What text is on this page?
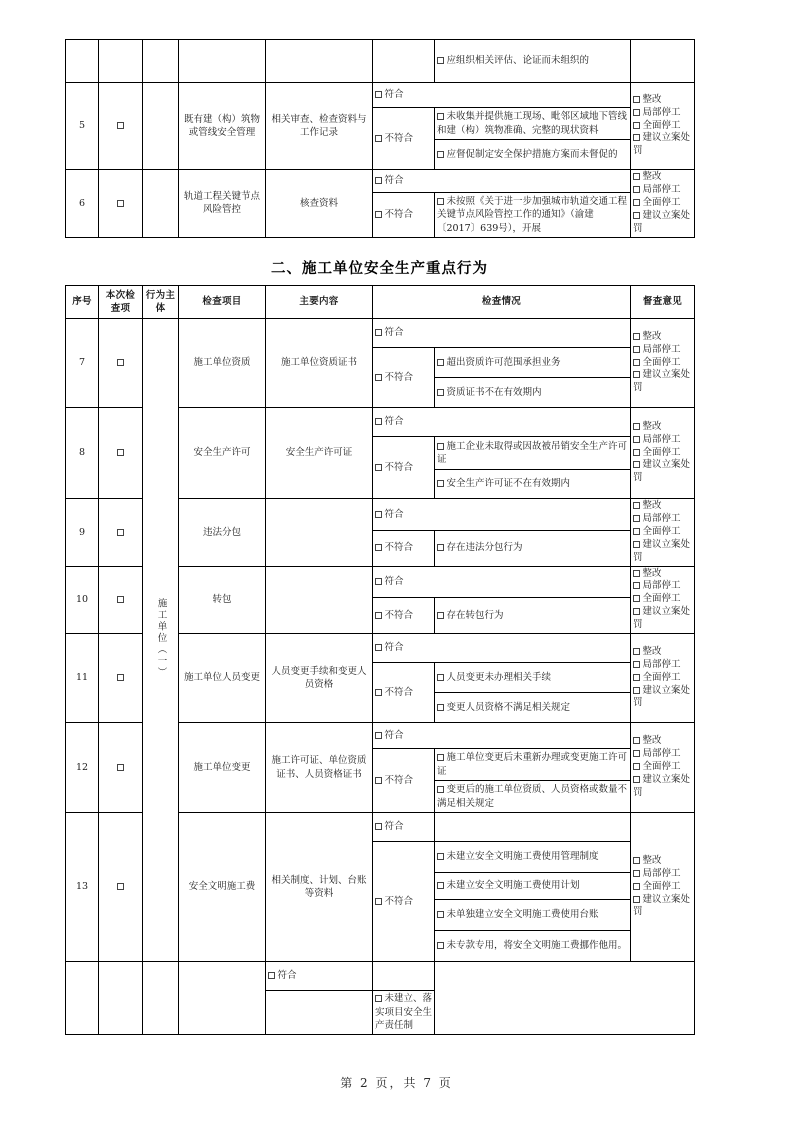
						应组织相关评估、论证而未组织的	
5			既有建（构）筑物或管线安全管理	相关审查、检查资料与工作记录	符合		整改
局部停工
全面停工
建议立案处罚

					不符合	未收集并提供施工现场、毗邻区域地下管线和建（构）筑物准确、完整的现状资料	
						应督促制定安全保护措施方案而未督促的	
6			轨道工程关键节点风险管控	核查资料	符合		整改
局部停工
全面停工
建议立案处罚

					不符合	未按照《关于进一步加强城市轨道交通工程关键节点风险管控工作的通知》（渝建〔2017〕639号），开展	
二、施工单位安全生产重点行为
序号	本次检查项	行为主体	检查项目	主要内容	检查情况		督查意见
7		施工单位（一）	施工单位资质	施工单位资质证书	符合		整改
局部停工
全面停工
建议立案处罚

					不符合	超出资质许可范围承担业务	
						资质证书不在有效期内	
8			安全生产许可	安全生产许可证	符合		整改
局部停工
全面停工
建议立案处罚

					不符合	施工企业未取得或因故被吊销安全生产许可证	
						安全生产许可证不在有效期内	
9			违法分包		符合		整改
局部停工
全面停工
建议立案处罚

					不符合	存在违法分包行为	
10			转包		符合		整改
局部停工
全面停工
建议立案处罚

					不符合	存在转包行为	
11			施工单位人员变更	人员变更手续和变更人员资格	符合		整改
局部停工
全面停工
建议立案处罚

					不符合	人员变更未办理相关手续	
						变更人员资格不满足相关规定	
12			施工单位变更	施工许可证、单位资质证书、人员资格证书	符合		整改
局部停工
全面停工
建议立案处罚

					不符合	施工单位变更后未重新办理或变更施工许可证	
						变更后的施工单位资质、人员资格或数量不满足相关规定	
13			安全文明施工费	相关制度、计划、台账等资料	符合		整改
局部停工
全面停工
建议立案处罚

					不符合	未建立安全文明施工费使用管理制度	
						未建立安全文明施工费使用计划	
						未单独建立安全文明施工费使用台账	
						未专款专用，将安全文明施工费挪作他用。	
				符合			
					未建立、落实项目安全生产责任制		
第 2 页，共 7 页
